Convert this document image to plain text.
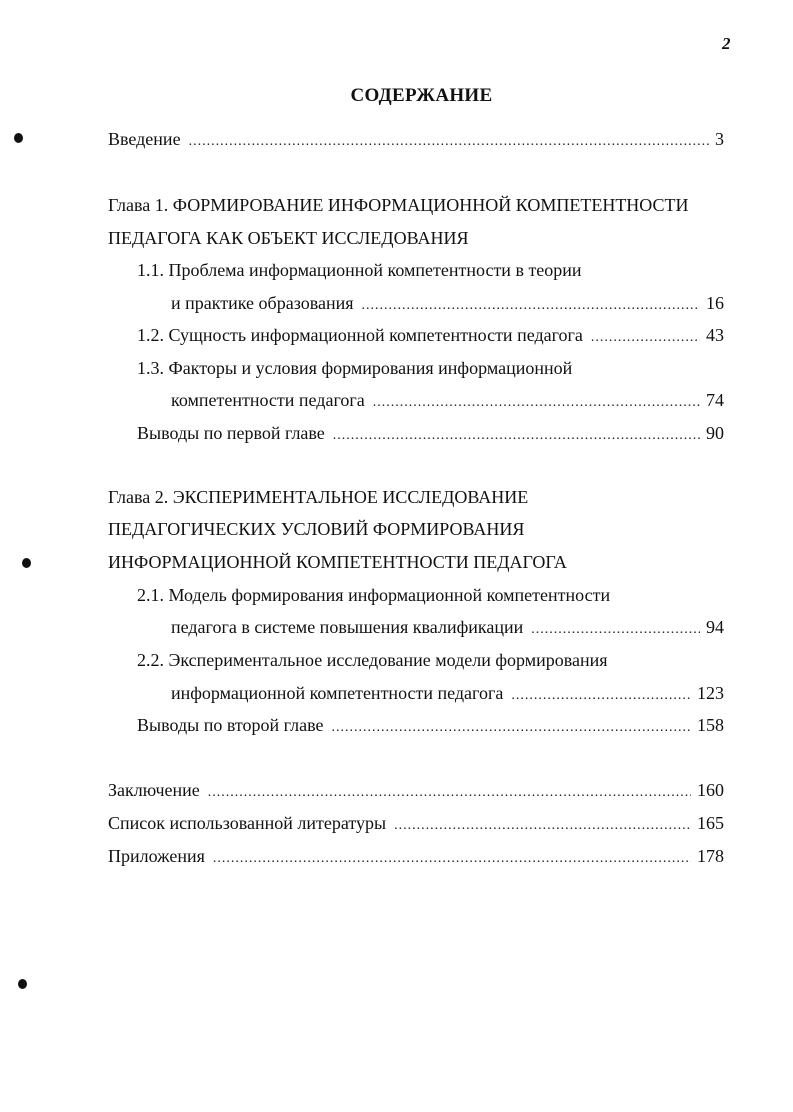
2
СОДЕРЖАНИЕ
Введение .....	3
Глава 1. ФОРМИРОВАНИЕ ИНФОРМАЦИОННОЙ КОМПЕТЕНТНОСТИ
ПЕДАГОГА КАК ОБЪЕКТ ИССЛЕДОВАНИЯ
1.1. Проблема информационной компетентности в теории
и практике образования .....	16
1.2. Сущность информационной компетентности педагога .....	43
1.3. Факторы и условия формирования информационной
компетентности педагога .....	74
Выводы по первой главе .....	90
Глава 2. ЭКСПЕРИМЕНТАЛЬНОЕ ИССЛЕДОВАНИЕ
ПЕДАГОГИЧЕСКИХ УСЛОВИЙ ФОРМИРОВАНИЯ
ИНФОРМАЦИОННОЙ КОМПЕТЕНТНОСТИ ПЕДАГОГА
2.1. Модель формирования информационной компетентности
педагога в системе повышения квалификации .....	94
2.2. Экспериментальное исследование модели формирования
информационной компетентности педагога .....	123
Выводы по второй главе .....	158
Заключение .....	160
Список использованной литературы .....	165
Приложения .....	178
